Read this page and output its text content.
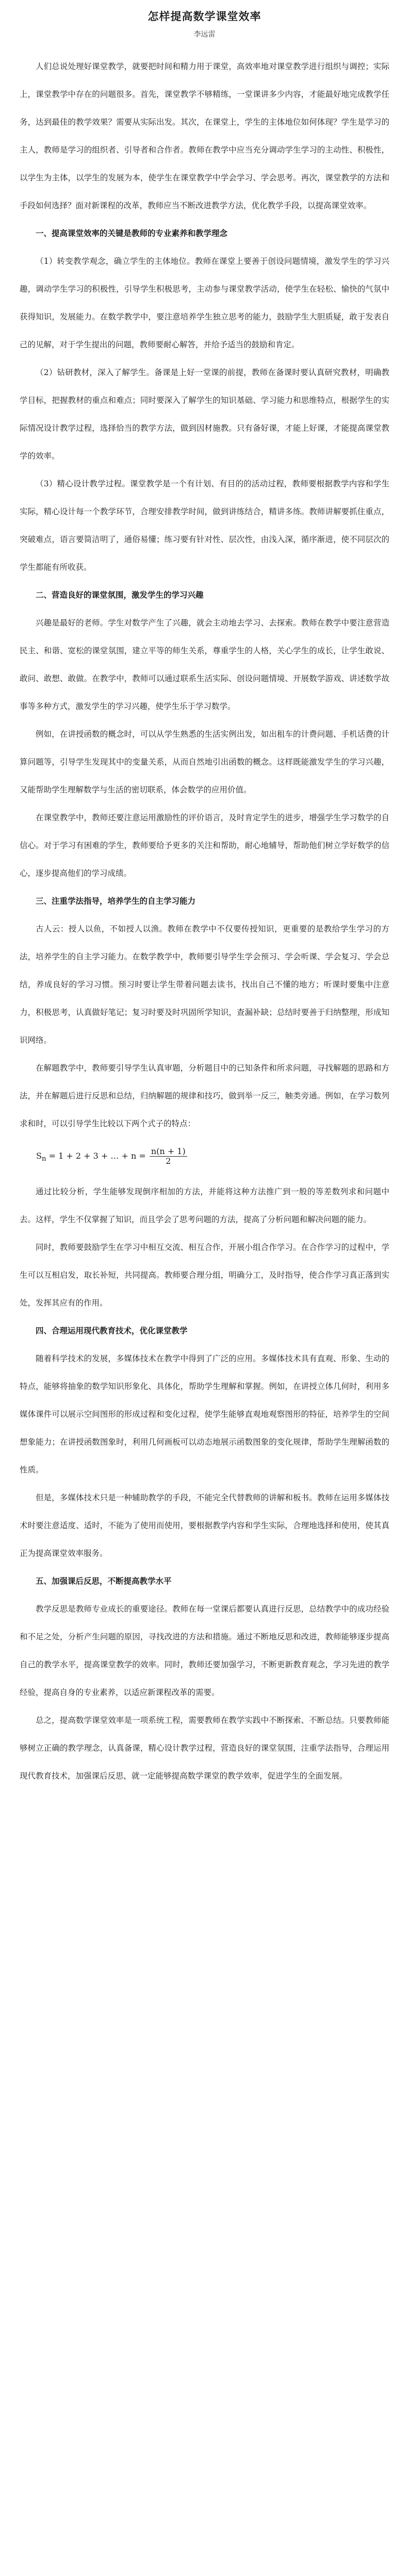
怎样提高数学课堂效率
李远雷

人们总说处理好课堂教学，就要把时间和精力用于课堂，高效率地对课堂教学进行组织与调控；实际上，课堂教学中存在的问题很多。首先，课堂教学不够精练，一堂课讲多少内容，才能最好地完成教学任务，达到最佳的教学效果？需要从实际出发。其次，在课堂上，学生的主体地位如何体现？学生是学习的主人，教师是学习的组织者、引导者和合作者。教师在教学中应当充分调动学生学习的主动性、积极性，以学生为主体，以学生的发展为本，使学生在课堂教学中学会学习、学会思考。再次，课堂教学的方法和手段如何选择？面对新课程的改革，教师应当不断改进教学方法，优化教学手段，以提高课堂效率。

一、提高课堂效率的关键是教师的专业素养和教学理念

（1）转变教学观念，确立学生的主体地位。教师在课堂上要善于创设问题情境，激发学生的学习兴趣，调动学生学习的积极性，引导学生积极思考，主动参与课堂教学活动，使学生在轻松、愉快的气氛中获得知识，发展能力。在数学教学中，要注意培养学生独立思考的能力，鼓励学生大胆质疑，敢于发表自己的见解，对于学生提出的问题，教师要耐心解答，并给予适当的鼓励和肯定。

（2）钻研教材，深入了解学生。备课是上好一堂课的前提，教师在备课时要认真研究教材，明确教学目标，把握教材的重点和难点；同时要深入了解学生的知识基础、学习能力和思维特点，根据学生的实际情况设计教学过程，选择恰当的教学方法，做到因材施教。只有备好课，才能上好课，才能提高课堂教学的效率。

（3）精心设计教学过程。课堂教学是一个有计划、有目的的活动过程，教师要根据教学内容和学生实际，精心设计每一个教学环节，合理安排教学时间，做到讲练结合，精讲多练。教师讲解要抓住重点，突破难点，语言要简洁明了，通俗易懂；练习要有针对性、层次性，由浅入深，循序渐进，使不同层次的学生都能有所收获。

二、营造良好的课堂氛围，激发学生的学习兴趣

兴趣是最好的老师。学生对数学产生了兴趣，就会主动地去学习、去探索。教师在教学中要注意营造民主、和谐、宽松的课堂氛围，建立平等的师生关系，尊重学生的人格，关心学生的成长，让学生敢说、敢问、敢想、敢做。在教学中，教师可以通过联系生活实际、创设问题情境、开展数学游戏、讲述数学故事等多种方式，激发学生的学习兴趣，使学生乐于学习数学。

例如，在讲授函数的概念时，可以从学生熟悉的生活实例出发，如出租车的计费问题、手机话费的计算问题等，引导学生发现其中的变量关系，从而自然地引出函数的概念。这样既能激发学生的学习兴趣，又能帮助学生理解数学与生活的密切联系，体会数学的应用价值。

在课堂教学中，教师还要注意运用激励性的评价语言，及时肯定学生的进步，增强学生学习数学的自信心。对于学习有困难的学生，教师要给予更多的关注和帮助，耐心地辅导，帮助他们树立学好数学的信心，逐步提高他们的学习成绩。

三、注重学法指导，培养学生的自主学习能力

古人云：授人以鱼，不如授人以渔。教师在教学中不仅要传授知识，更重要的是教给学生学习的方法，培养学生的自主学习能力。在数学教学中，教师要引导学生学会预习、学会听课、学会复习、学会总结，养成良好的学习习惯。预习时要让学生带着问题去读书，找出自己不懂的地方；听课时要集中注意力，积极思考，认真做好笔记；复习时要及时巩固所学知识，查漏补缺；总结时要善于归纳整理，形成知识网络。

在解题教学中，教师要引导学生认真审题，分析题目中的已知条件和所求问题，寻找解题的思路和方法，并在解题后进行反思和总结，归纳解题的规律和技巧，做到举一反三，触类旁通。例如，在学习数列求和时，可以引导学生比较以下两个式子的特点：

$S_n = 1 + 2 + 3$ + … + $n = \frac{n(n + 1)}{2}$

通过比较分析，学生能够发现倒序相加的方法，并能将这种方法推广到一般的等差数列求和问题中去。这样，学生不仅掌握了知识，而且学会了思考问题的方法，提高了分析问题和解决问题的能力。

同时，教师要鼓励学生在学习中相互交流、相互合作，开展小组合作学习。在合作学习的过程中，学生可以互相启发，取长补短，共同提高。教师要合理分组，明确分工，及时指导，使合作学习真正落到实处，发挥其应有的作用。

四、合理运用现代教育技术，优化课堂教学

随着科学技术的发展，多媒体技术在教学中得到了广泛的应用。多媒体技术具有直观、形象、生动的特点，能够将抽象的数学知识形象化、具体化，帮助学生理解和掌握。例如，在讲授立体几何时，利用多媒体课件可以展示空间图形的形成过程和变化过程，使学生能够直观地观察图形的特征，培养学生的空间想象能力；在讲授函数图象时，利用几何画板可以动态地展示函数图象的变化规律，帮助学生理解函数的性质。

但是，多媒体技术只是一种辅助教学的手段，不能完全代替教师的讲解和板书。教师在运用多媒体技术时要注意适度、适时，不能为了使用而使用，要根据教学内容和学生实际，合理地选择和使用，使其真正为提高课堂效率服务。

五、加强课后反思，不断提高教学水平

教学反思是教师专业成长的重要途径。教师在每一堂课后都要认真进行反思，总结教学中的成功经验和不足之处，分析产生问题的原因，寻找改进的方法和措施。通过不断地反思和改进，教师能够逐步提高自己的教学水平，提高课堂教学的效率。同时，教师还要加强学习，不断更新教育观念，学习先进的教学经验，提高自身的专业素养，以适应新课程改革的需要。

总之，提高数学课堂效率是一项系统工程，需要教师在教学实践中不断探索、不断总结。只要教师能够树立正确的教学理念，认真备课，精心设计教学过程，营造良好的课堂氛围，注重学法指导，合理运用现代教育技术，加强课后反思，就一定能够提高数学课堂的教学效率，促进学生的全面发展。
